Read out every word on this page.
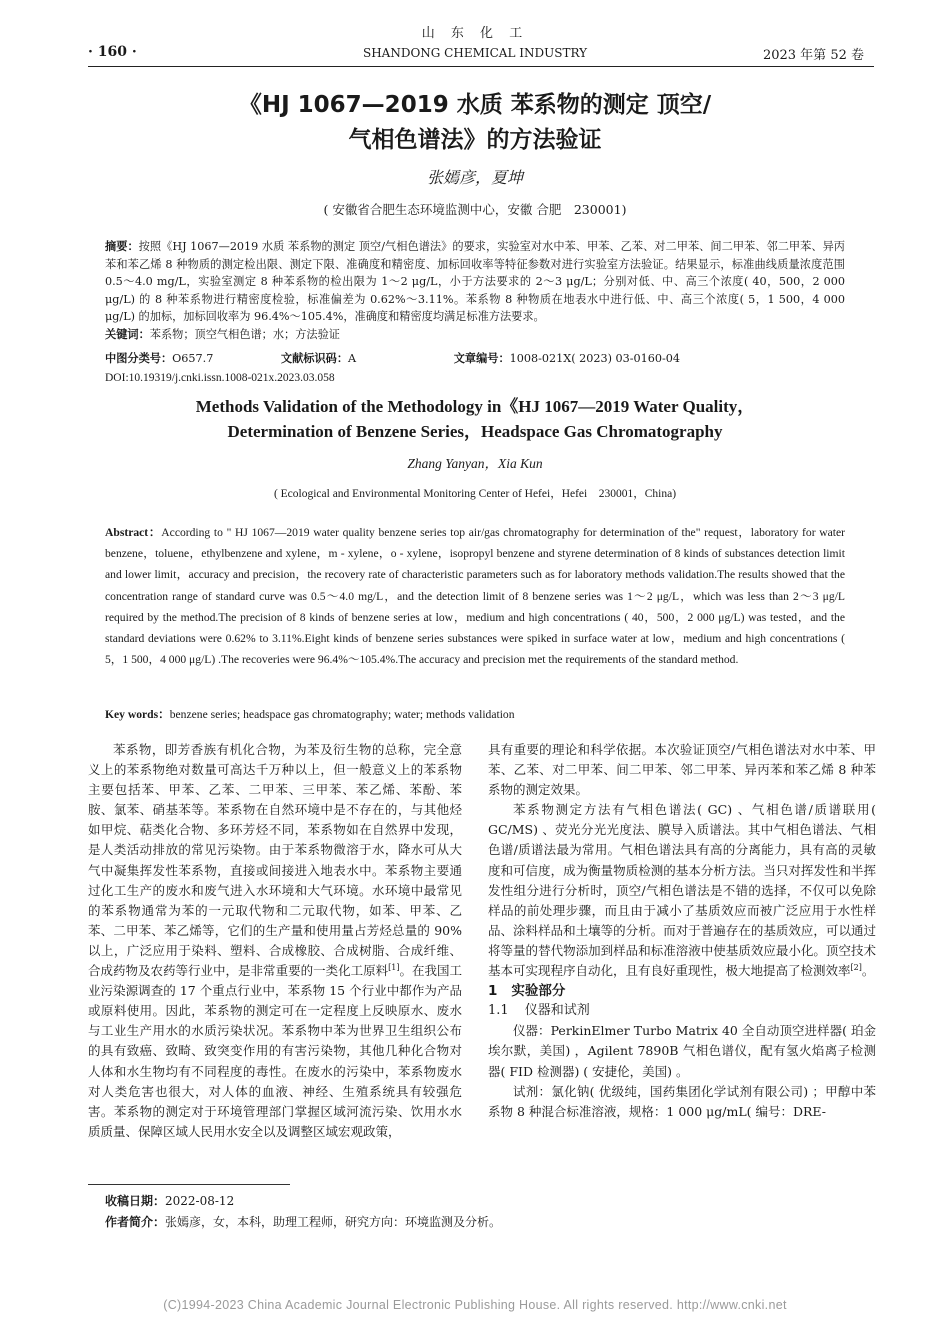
山 东 化 工
· 160 ·	SHANDONG CHEMICAL INDUSTRY	2023 年第 52 卷
《HJ 1067—2019 水质 苯系物的测定 顶空/
气相色谱法》的方法验证
张嫣彦，夏坤
( 安徽省合肥生态环境监测中心，安徽 合肥　230001)
摘要：按照《HJ 1067—2019 水质 苯系物的测定 顶空/气相色谱法》的要求，实验室对水中苯、甲苯、乙苯、对二甲苯、间二甲苯、邻二甲苯、异丙苯和苯乙烯 8 种物质的测定检出限、测定下限、准确度和精密度、加标回收率等特征参数对进行实验室方法验证。结果显示，标准曲线质量浓度范围 0.5～4.0 mg/L，实验室测定 8 种苯系物的检出限为 1～2 μg/L，小于方法要求的 2～3 μg/L；分别对低、中、高三个浓度( 40，500，2 000 μg/L) 的 8 种苯系物进行精密度检验，标准偏差为 0.62%～3.11%。苯系物 8 种物质在地表水中进行低、中、高三个浓度( 5，1 500，4 000 μg/L) 的加标，加标回收率为 96.4%～105.4%，准确度和精密度均满足标准方法要求。
关键词：苯系物；顶空气相色谱；水；方法验证
中图分类号：O657.7	文献标识码：A	文章编号：1008-021X( 2023) 03-0160-04
DOI:10.19319/j.cnki.issn.1008-021x.2023.03.058
Methods Validation of the Methodology in《HJ 1067—2019 Water Quality，
Determination of Benzene Series，Headspace Gas Chromatography
Zhang Yanyan，Xia Kun
( Ecological and Environmental Monitoring Center of Hefei，Hefei　230001，China)
Abstract：According to " HJ 1067—2019 water quality benzene series top air/gas chromatography for determination of the" request，laboratory for water benzene，toluene，ethylbenzene and xylene，m - xylene，o - xylene，isopropyl benzene and styrene determination of 8 kinds of substances detection limit and lower limit，accuracy and precision，the recovery rate of characteristic parameters such as for laboratory methods validation.The results showed that the concentration range of standard curve was 0.5～4.0 mg/L，and the detection limit of 8 benzene series was 1～2 μg/L，which was less than 2～3 μg/L required by the method.The precision of 8 kinds of benzene series at low，medium and high concentrations ( 40，500，2 000 μg/L) was tested，and the standard deviations were 0.62% to 3.11%.Eight kinds of benzene series substances were spiked in surface water at low，medium and high concentrations ( 5，1 500，4 000 μg/L) .The recoveries were 96.4%～105.4%.The accuracy and precision met the requirements of the standard method.
Key words：benzene series; headspace gas chromatography; water; methods validation

苯系物，即芳香族有机化合物，为苯及衍生物的总称，完全意义上的苯系物绝对数量可高达千万种以上，但一般意义上的苯系物主要包括苯、甲苯、乙苯、二甲苯、三甲苯、苯乙烯、苯酚、苯胺、氯苯、硝基苯等。苯系物在自然环境中是不存在的，与其他烃如甲烷、萜类化合物、多环芳烃不同，苯系物如在自然界中发现，是人类活动排放的常见污染物。由于苯系物微溶于水，降水可从大气中凝集挥发性苯系物，直接或间接进入地表水中。苯系物主要通过化工生产的废水和废气进入水环境和大气环境。水环境中最常见的苯系物通常为苯的一元取代物和二元取代物，如苯、甲苯、乙苯、二甲苯、苯乙烯等，它们的生产量和使用量占芳烃总量的 90%以上，广泛应用于染料、塑料、合成橡胶、合成树脂、合成纤维、合成药物及农药等行业中，是非常重要的一类化工原料[1]。在我国工业污染源调查的 17 个重点行业中，苯系物 15 个行业中都作为产品或原料使用。因此，苯系物的测定可在一定程度上反映原水、废水与工业生产用水的水质污染状况。苯系物中苯为世界卫生组织公布的具有致癌、致畸、致突变作用的有害污染物，其他几种化合物对人体和水生物均有不同程度的毒性。在废水的污染中，苯系物废水对人类危害也很大，对人体的血液、神经、生殖系统具有较强危害。苯系物的测定对于环境管理部门掌握区域河流污染、饮用水水质质量、保障区域人民用水安全以及调整区域宏观政策，

具有重要的理论和科学依据。本次验证顶空/气相色谱法对水中苯、甲苯、乙苯、对二甲苯、间二甲苯、邻二甲苯、异丙苯和苯乙烯 8 种苯系物的测定效果。

苯系物测定方法有气相色谱法( GC) 、气相色谱/质谱联用( GC/MS) 、荧光分光光度法、膜导入质谱法。其中气相色谱法、气相色谱/质谱法最为常用。气相色谱法具有高的分离能力，具有高的灵敏度和可信度，成为衡量物质检测的基本分析方法。当只对挥发性和半挥发性组分进行分析时，顶空/气相色谱法是不错的选择，不仅可以免除样品的前处理步骤，而且由于减小了基质效应而被广泛应用于水性样品、涂料样品和土壤等的分析。而对于普遍存在的基质效应，可以通过将等量的替代物添加到样品和标准溶液中使基质效应最小化。顶空技术基本可实现程序自动化，且有良好重现性，极大地提高了检测效率[2]。

1 实验部分

1.1 仪器和试剂

仪器：PerkinElmer Turbo Matrix 40 全自动顶空进样器( 珀金埃尔默，美国) ，Agilent 7890B 气相色谱仪，配有氢火焰离子检测器( FID 检测器) ( 安捷伦，美国) 。

试剂：氯化钠( 优级纯，国药集团化学试剂有限公司) ；甲醇中苯系物 8 种混合标准溶液，规格：1 000 μg/mL( 编号：DRE-

收稿日期：2022-08-12
作者简介：张嫣彦，女，本科，助理工程师，研究方向：环境监测及分析。
(C)1994-2023 China Academic Journal Electronic Publishing House. All rights reserved. http://www.cnki.net
